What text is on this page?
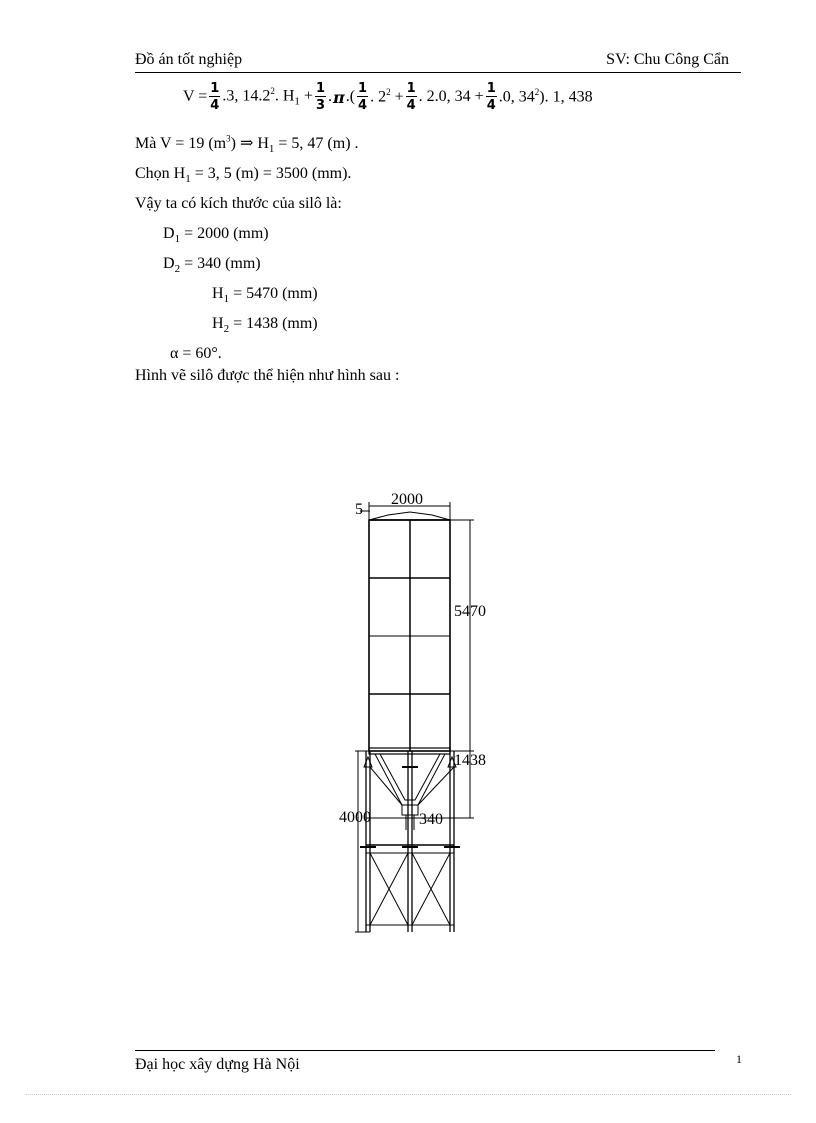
Đồ án tốt nghiệp	SV: Chu Công Cẩn
$V = \frac{1}{4} .3$, 14.2$^2$. $H_1 + \frac{1}{3}$ . π .( $\frac{1}{4}$ . $2^2 + \frac{1}{4}$ . 2.0, $34 + \frac{1}{4} .0$, $34^2$). 1, 438
Mà V = 19 $(m^3)$ ⇒ $H_1 = 5$, 47 (m) .
Chọn $H_1 = 3$, 5 (m) = 3500 (mm).
Vậy ta có kích thước của silô là:
$D_1 = 2000$ (mm)
$D_2 = 340$ (mm)
$H_1 = 5470$ (mm)
$H_2 = 1438$ (mm)
α = 60°.
Hình vẽ silô được thể hiện như hình sau :
2000
5
5470
1438
4000	340
Đại học xây dựng Hà Nội	1
